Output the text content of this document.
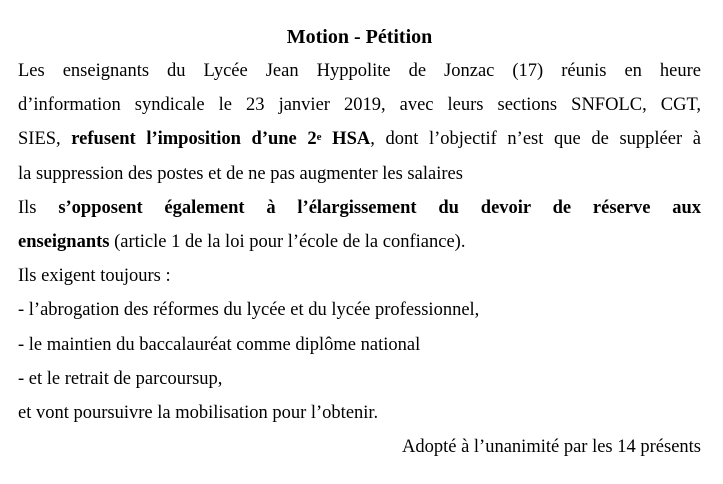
Motion - Pétition
Les enseignants du Lycée Jean Hyppolite de Jonzac (17) réunis en heure
d’information syndicale le 23 janvier 2019, avec leurs sections SNFOLC, CGT,
SIES, refusent l’imposition d’une 2e HSA, dont l’objectif n’est que de suppléer à
la suppression des postes et de ne pas augmenter les salaires
Ils s’opposent également à l’élargissement du devoir de réserve aux
enseignants (article 1 de la loi pour l’école de la confiance).
Ils exigent toujours :
- l’abrogation des réformes du lycée et du lycée professionnel,
- le maintien du baccalauréat comme diplôme national
- et le retrait de parcoursup,
et vont poursuivre la mobilisation pour l’obtenir.
Adopté à l’unanimité par les 14 présents
